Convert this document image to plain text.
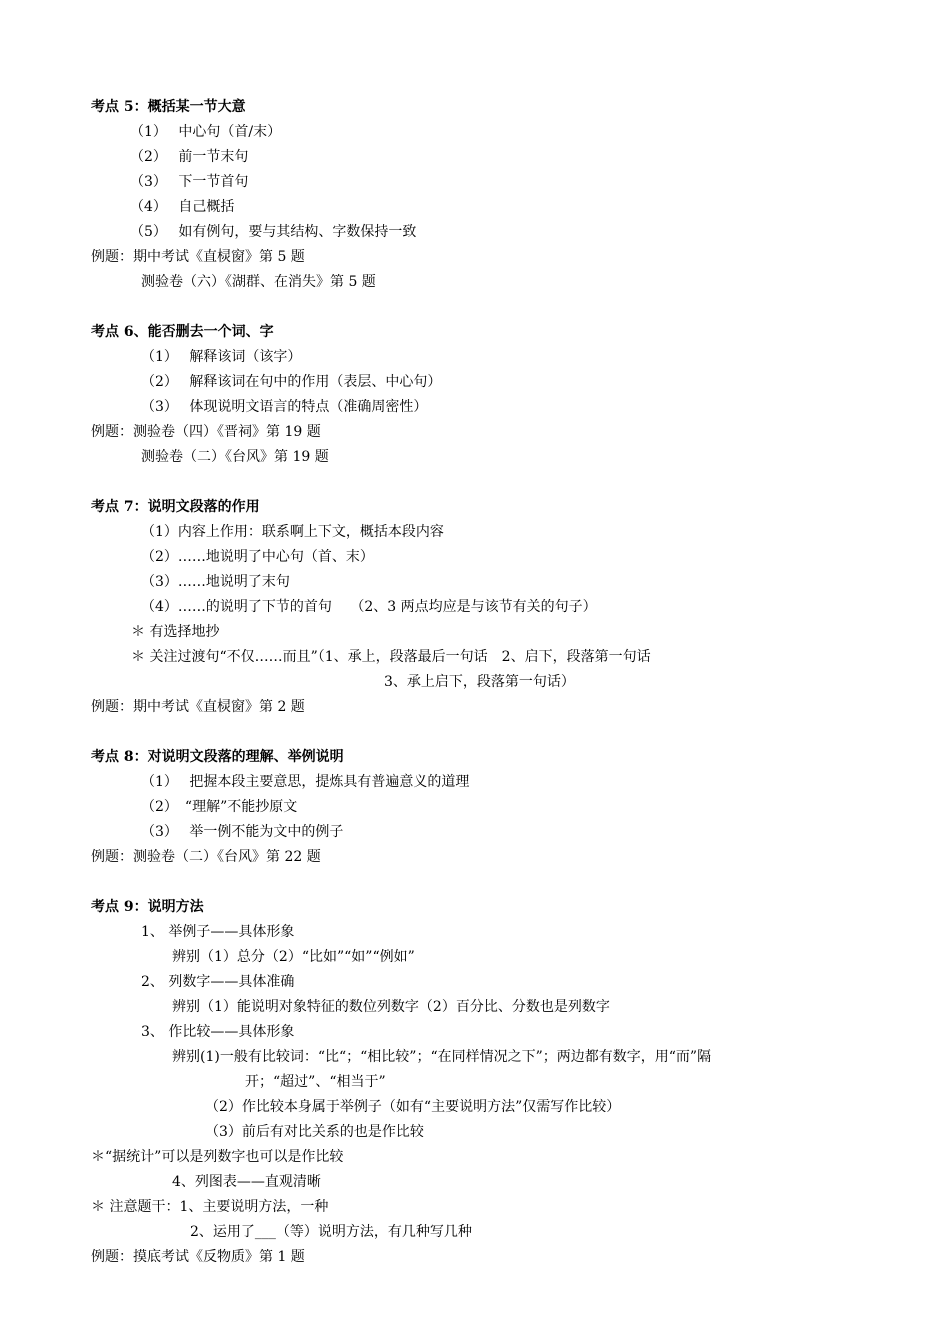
考点 5：概括某一节大意
（1）　 中心句（首/末）
（2）　 前一节末句
（3）　 下一节首句
（4）　 自己概括
（5）　 如有例句，要与其结构、字数保持一致
例题：期中考试《直棂窗》第 5 题
测验卷（六）《湖群、在消失》第 5 题
考点 6、能否删去一个词、字
（1）　 解释该词（该字）
（2）　 解释该词在句中的作用（表层、中心句）
（3）　 体现说明文语言的特点（准确周密性）
例题：测验卷（四）《晋祠》第 19 题
测验卷（二）《台风》第 19 题
考点 7：说明文段落的作用
（1）内容上作用：联系啊上下文，概括本段内容
（2）……地说明了中心句（首、末）
（3）……地说明了末句
（4）……的说明了下节的首句　 （2、3 两点均应是与该节有关的句子）
＊ 有选择地抄
＊ 关注过渡句“不仅……而且”（1、承上，段落最后一句话　2、启下，段落第一句话
3、承上启下，段落第一句话）
例题：期中考试《直棂窗》第 2 题
考点 8：对说明文段落的理解、举例说明
（1）　 把握本段主要意思，提炼具有普遍意义的道理
（2）　“理解”不能抄原文
（3）　 举一例不能为文中的例子
例题：测验卷（二）《台风》第 22 题
考点 9：说明方法
1、 举例子——具体形象
辨别（1）总分（2）“比如”“如”“例如”
2、 列数字——具体准确
辨别（1）能说明对象特征的数位列数字（2）百分比、分数也是列数字
3、 作比较——具体形象
辨别(1)一般有比较词：“比“；“相比较”；“在同样情况之下”；两边都有数字，用“而”隔
开；“超过”、“相当于”
（2）作比较本身属于举例子（如有“主要说明方法”仅需写作比较）
（3）前后有对比关系的也是作比较
＊“据统计”可以是列数字也可以是作比较
4、列图表——直观清晰
＊ 注意题干：1、主要说明方法，一种
2、运用了___（等）说明方法，有几种写几种
例题：摸底考试《反物质》第 1 题
